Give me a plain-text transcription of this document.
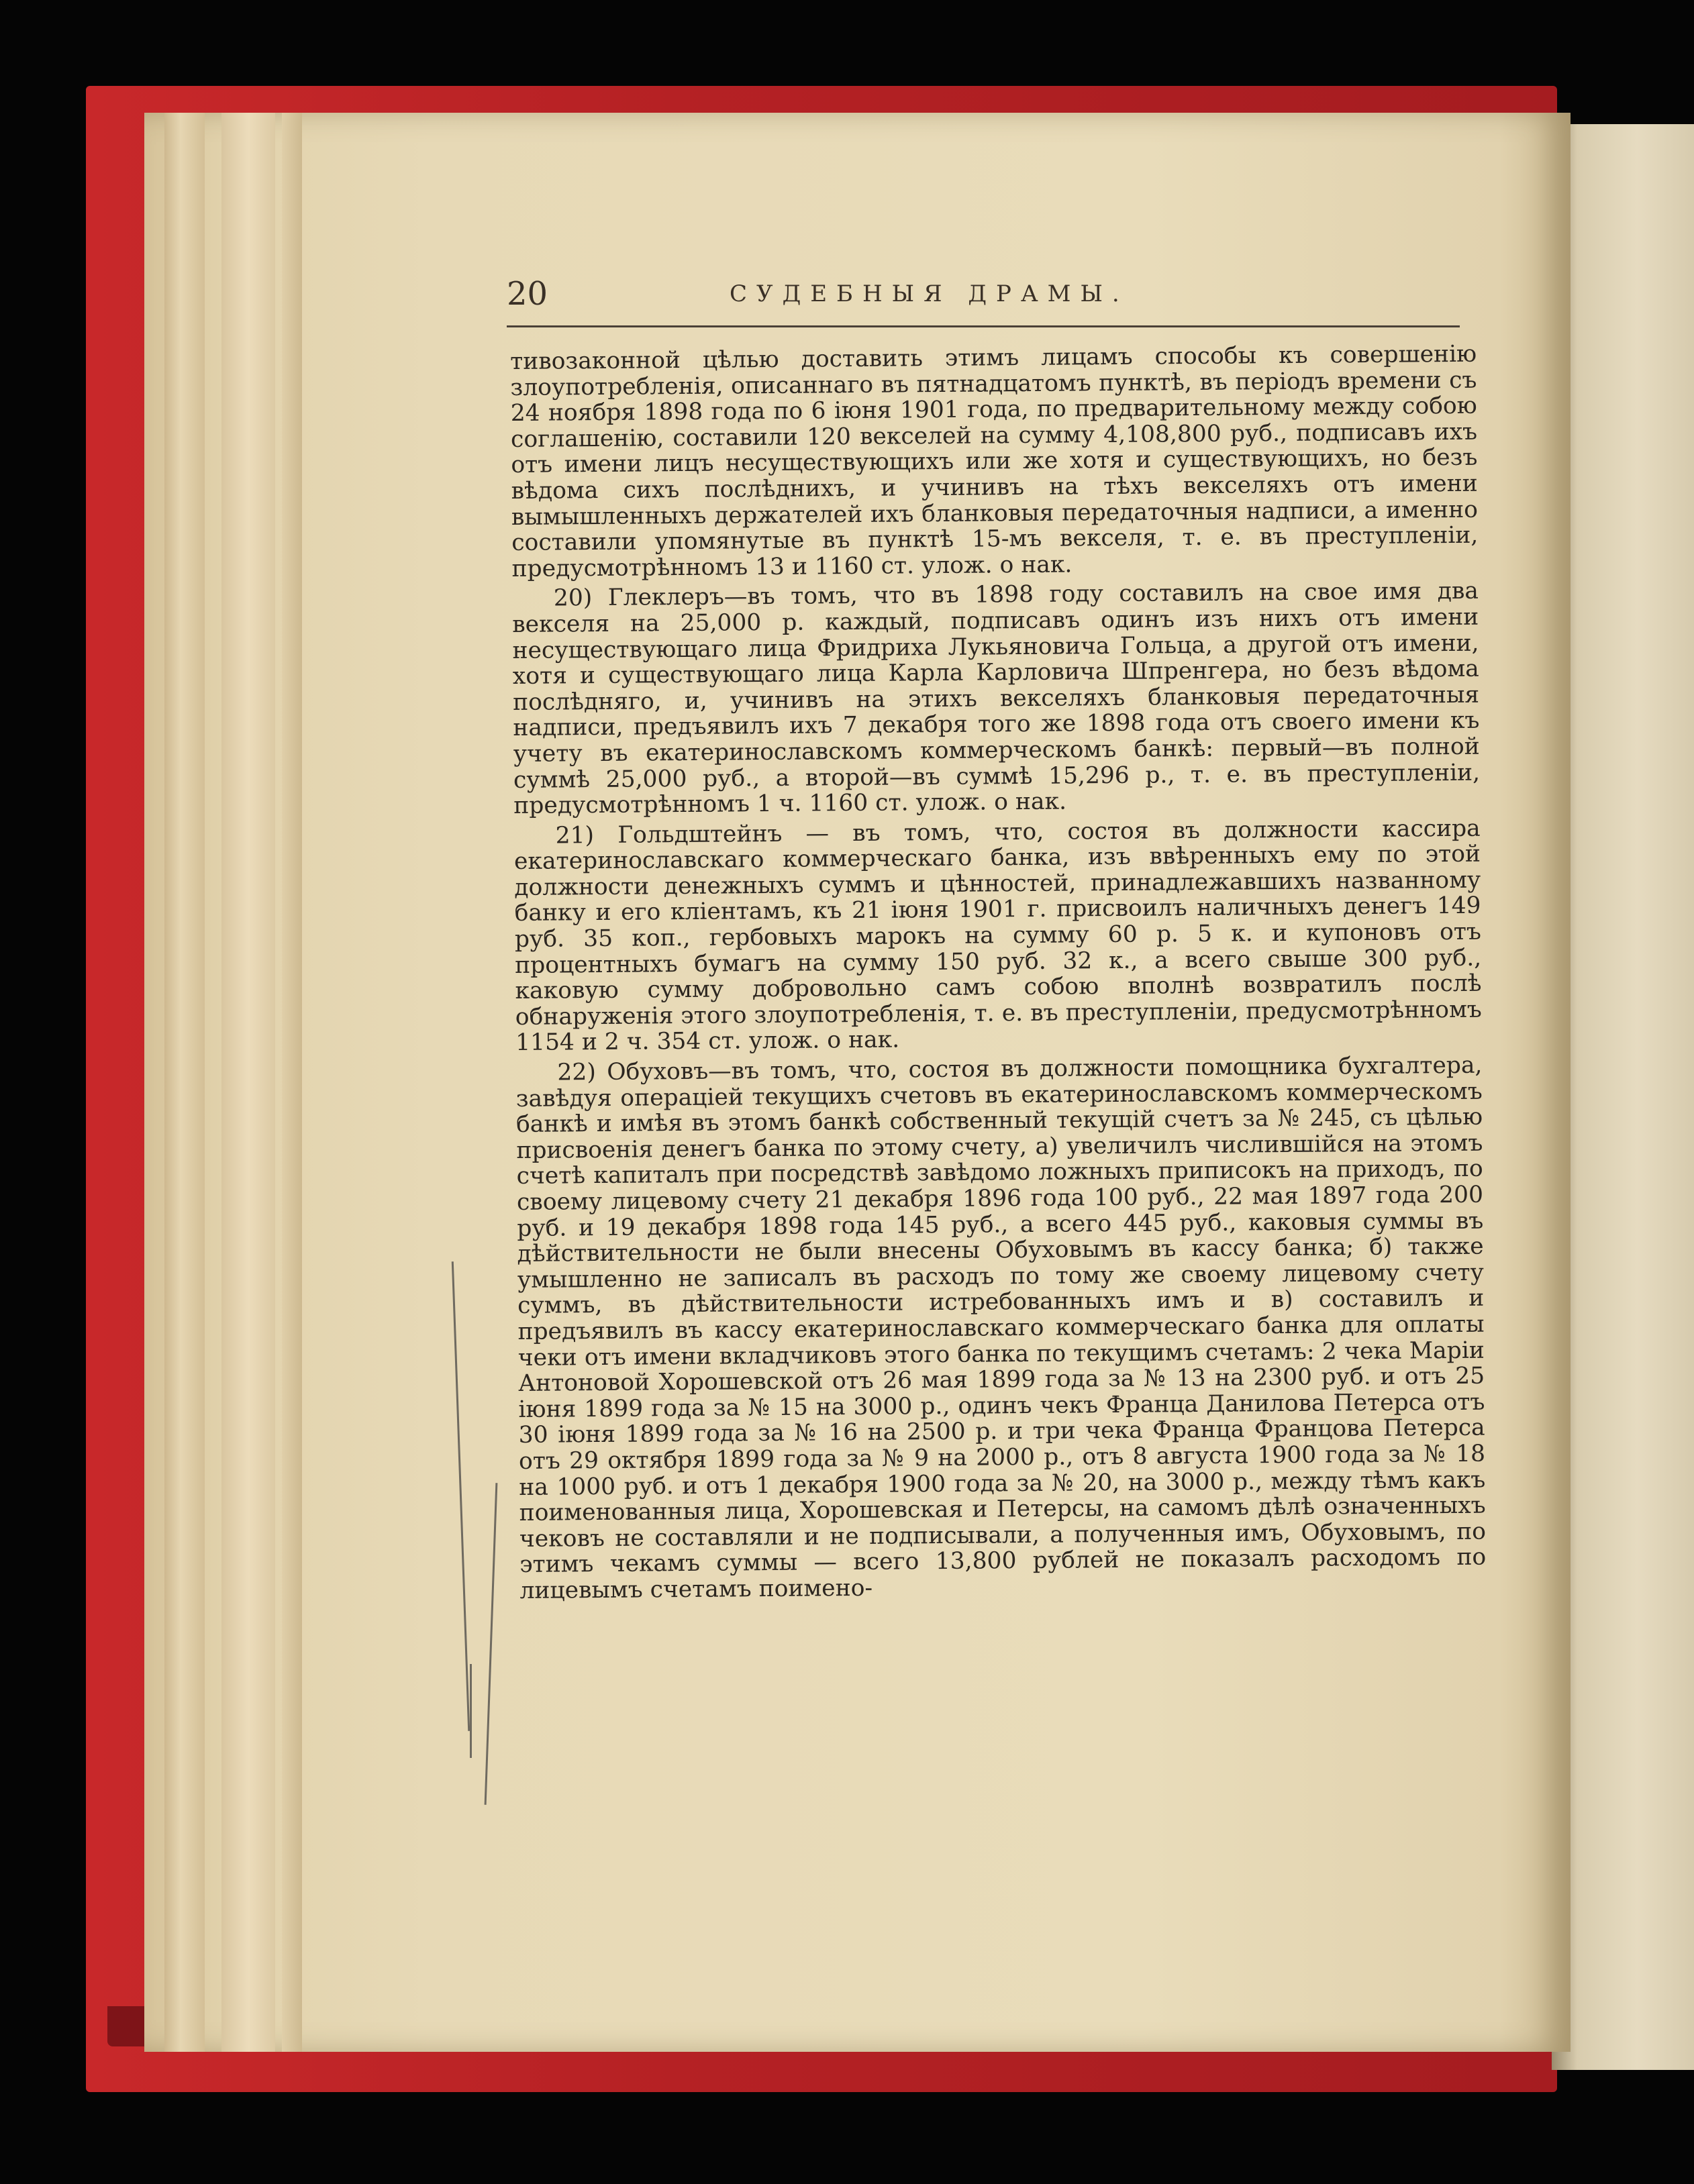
20	СУДЕБНЫЯ ДРАМЫ.

тивозаконной цѣлью доставить этимъ лицамъ способы къ совершенію злоупотребленія, описаннаго въ пятнадцатомъ пунктѣ, въ періодъ времени съ 24 ноября 1898 года по 6 іюня 1901 года, по предварительному между собою соглашенію, составили 120 векселей на сумму 4,108,800 руб., подписавъ ихъ отъ имени лицъ несуществующихъ или же хотя и существующихъ, но безъ вѣдома сихъ послѣднихъ, и учинивъ на тѣхъ векселяхъ отъ имени вымышленныхъ держателей ихъ бланковыя передаточныя надписи, а именно составили упомянутые въ пунктѣ 15-мъ векселя, т. е. въ преступленіи, предусмотрѣнномъ 13 и 1160 ст. улож. о нак.

20) Глеклеръ—въ томъ, что въ 1898 году составилъ на свое имя два векселя на 25,000 р. каждый, подписавъ одинъ изъ нихъ отъ имени несуществующаго лица Фридриха Лукьяновича Гольца, а другой отъ имени, хотя и существующаго лица Карла Карловича Шпренгера, но безъ вѣдома послѣдняго, и, учинивъ на этихъ векселяхъ бланковыя передаточныя надписи, предъявилъ ихъ 7 декабря того же 1898 года отъ своего имени къ учету въ екатеринославскомъ коммерческомъ банкѣ: первый—въ полной суммѣ 25,000 руб., а второй—въ суммѣ 15,296 р., т. е. въ преступленіи, предусмотрѣнномъ 1 ч. 1160 ст. улож. о нак.

21) Гольдштейнъ — въ томъ, что, состоя въ должности кассира екатеринославскаго коммерческаго банка, изъ ввѣренныхъ ему по этой должности денежныхъ суммъ и цѣнностей, принадлежавшихъ названному банку и его кліентамъ, къ 21 іюня 1901 г. присвоилъ наличныхъ денегъ 149 руб. 35 коп., гербовыхъ марокъ на сумму 60 р. 5 к. и купоновъ отъ процентныхъ бумагъ на сумму 150 руб. 32 к., а всего свыше 300 руб., каковую сумму добровольно самъ собою вполнѣ возвратилъ послѣ обнаруженія этого злоупотребленія, т. е. въ преступленіи, предусмотрѣнномъ 1154 и 2 ч. 354 ст. улож. о нак.

22) Обуховъ—въ томъ, что, состоя въ должности помощника бухгалтера, завѣдуя операціей текущихъ счетовъ въ екатеринославскомъ коммерческомъ банкѣ и имѣя въ этомъ банкѣ собственный текущій счетъ за № 245, съ цѣлью присвоенія денегъ банка по этому счету, а) увеличилъ числившійся на этомъ счетѣ капиталъ при посредствѣ завѣдомо ложныхъ приписокъ на приходъ, по своему лицевому счету 21 декабря 1896 года 100 руб., 22 мая 1897 года 200 руб. и 19 декабря 1898 года 145 руб., а всего 445 руб., каковыя суммы въ дѣйствительности не были внесены Обуховымъ въ кассу банка; б) также умышленно не записалъ въ расходъ по тому же своему лицевому счету суммъ, въ дѣйствительности истребованныхъ имъ и в) составилъ и предъявилъ въ кассу екатеринославскаго коммерческаго банка для оплаты чеки отъ имени вкладчиковъ этого банка по текущимъ счетамъ: 2 чека Маріи Антоновой Хорошевской отъ 26 мая 1899 года за № 13 на 2300 руб. и отъ 25 іюня 1899 года за № 15 на 3000 р., одинъ чекъ Франца Данилова Петерса отъ 30 іюня 1899 года за № 16 на 2500 р. и три чека Франца Францова Петерса отъ 29 октября 1899 года за № 9 на 2000 р., отъ 8 августа 1900 года за № 18 на 1000 руб. и отъ 1 декабря 1900 года за № 20, на 3000 р., между тѣмъ какъ поименованныя лица, Хорошевская и Петерсы, на самомъ дѣлѣ означенныхъ чековъ не составляли и не подписывали, а полученныя имъ, Обуховымъ, по этимъ чекамъ суммы — всего 13,800 рублей не показалъ расходомъ по лицевымъ счетамъ поимено-
